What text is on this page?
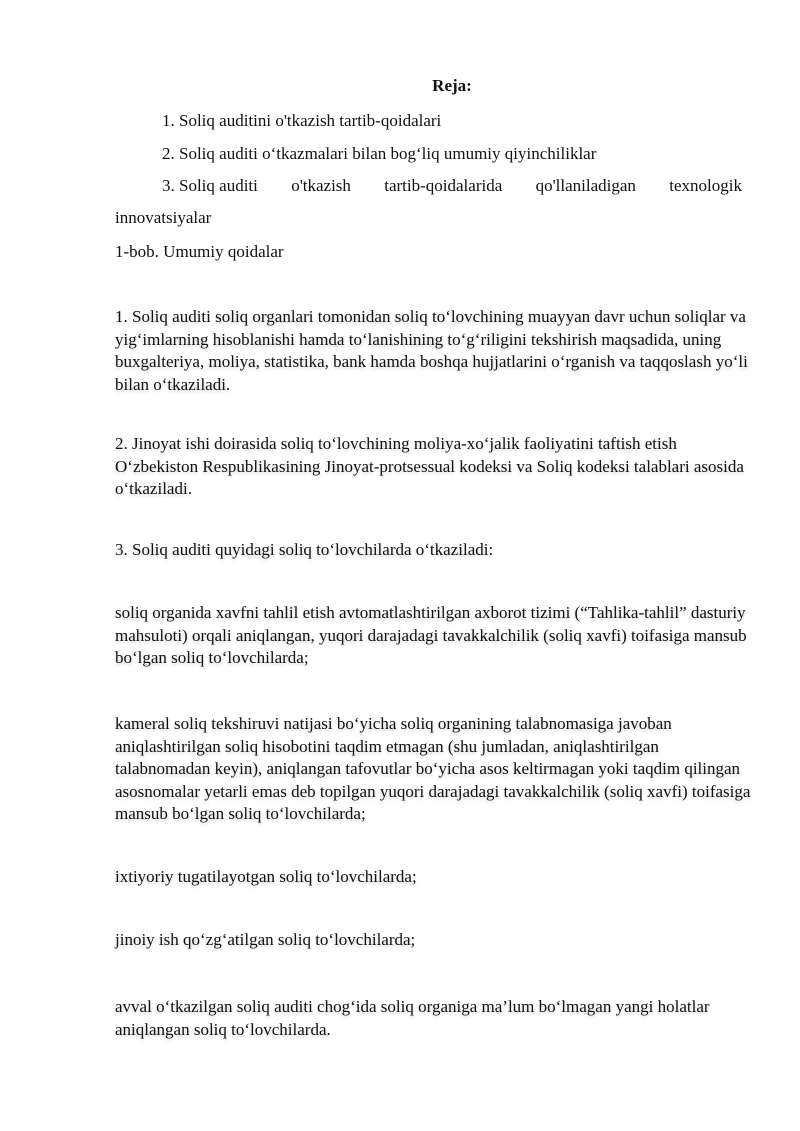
Reja:
1. Soliq auditini o'tkazish tartib-qoidalari
2. Soliq auditi o‘tkazmalari bilan bog‘liq umumiy qiyinchiliklar
3. Soliq auditi o'tkazish tartib-qoidalarida qo'llaniladigan texnologik
innovatsiyalar
1-bob. Umumiy qoidalar
1. Soliq auditi soliq organlari tomonidan soliq to‘lovchining muayyan davr uchun soliqlar va yig‘imlarning hisoblanishi hamda to‘lanishining to‘g‘riligini tekshirish maqsadida, uning buxgalteriya, moliya, statistika, bank hamda boshqa hujjatlarini o‘rganish va taqqoslash yo‘li bilan o‘tkaziladi.
2. Jinoyat ishi doirasida soliq to‘lovchining moliya-xo‘jalik faoliyatini taftish etish O‘zbekiston Respublikasining Jinoyat-protsessual kodeksi va Soliq kodeksi talablari asosida o‘tkaziladi.
3. Soliq auditi quyidagi soliq to‘lovchilarda o‘tkaziladi:
soliq organida xavfni tahlil etish avtomatlashtirilgan axborot tizimi (“Tahlika-tahlil” dasturiy mahsuloti) orqali aniqlangan, yuqori darajadagi tavakkalchilik (soliq xavfi) toifasiga mansub bo‘lgan soliq to‘lovchilarda;
kameral soliq tekshiruvi natijasi bo‘yicha soliq organining talabnomasiga javoban aniqlashtirilgan soliq hisobotini taqdim etmagan (shu jumladan, aniqlashtirilgan talabnomadan keyin), aniqlangan tafovutlar bo‘yicha asos keltirmagan yoki taqdim qilingan asosnomalar yetarli emas deb topilgan yuqori darajadagi tavakkalchilik (soliq xavfi) toifasiga mansub bo‘lgan soliq to‘lovchilarda;
ixtiyoriy tugatilayotgan soliq to‘lovchilarda;
jinoiy ish qo‘zg‘atilgan soliq to‘lovchilarda;
avval o‘tkazilgan soliq auditi chog‘ida soliq organiga ma’lum bo‘lmagan yangi holatlar aniqlangan soliq to‘lovchilarda.
